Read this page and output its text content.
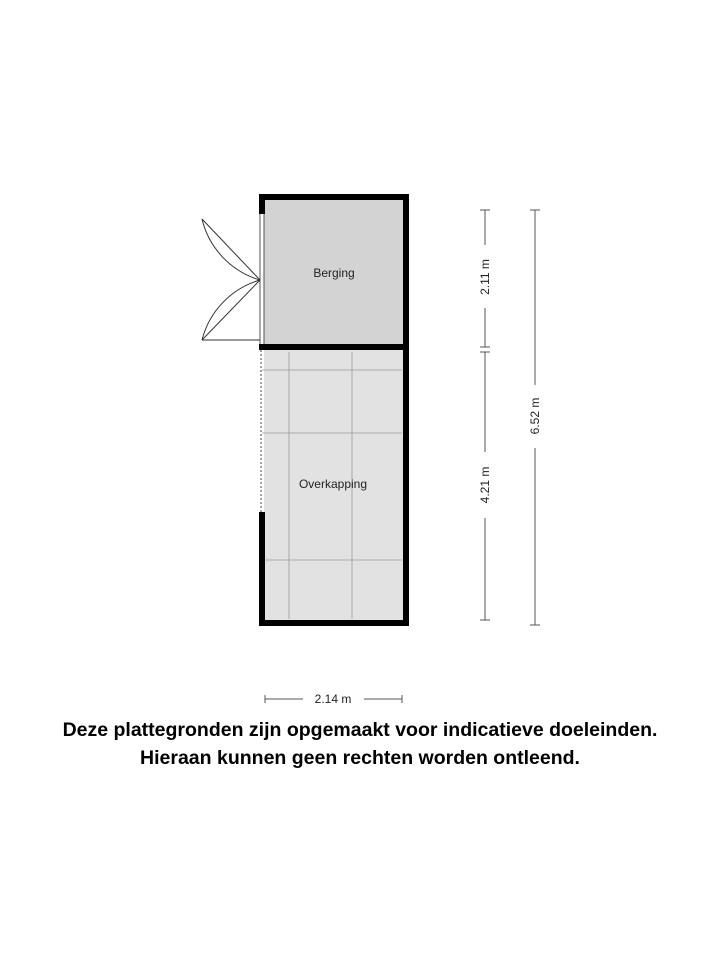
Berging
Overkapping
2.11 m
4.21 m
6.52 m
2.14 m
Deze plattegronden zijn opgemaakt voor indicatieve doeleinden.
Hieraan kunnen geen rechten worden ontleend.
